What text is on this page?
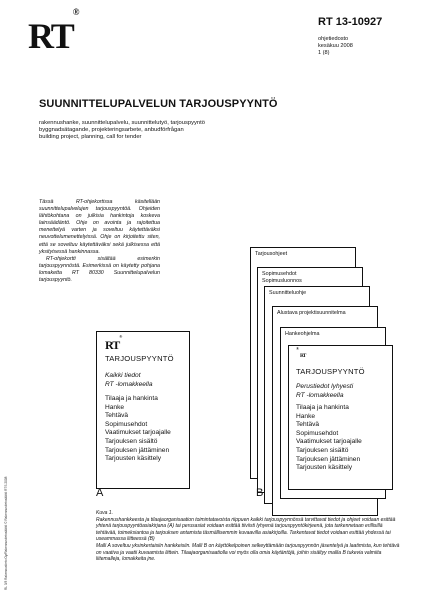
RT®
RT 13-10927
ohjetiedosto
kesäkuu 2008
1 (8)
SUUNNITTELUPALVELUN TARJOUSPYYNTÖ
rakennushanke, suunnittelupalvelu, suunnittelutyö, tarjouspyyntö
byggnadsätagande, projekteringsarbete, anbudförfrågan
building project, planning, call for tender

Tässä RT-ohjekortissa käsitellään suunnittelupalvelujen tarjouspyyntöä. Ohjeiden lähtökohtana on julkisia hankintoja koskeva lainsäädäntö. Ohje on avointa ja rajoitettua menettelyä varten ja soveltuu käytettäväksi neuvottelumenettelyissä. Ohje on kirjoitettu siten, että se soveltuu käytettäväksi sekä julkisessa että yksityisessä hankinnassa.

RT-ohjekortti sisältää esimerkin tarjouspyynnöstä. Esimerkissä on käytetty pohjana lomaketta RT 80330 Suunnittelupalvelun tarjouspyyntö.

RT®
TARJOUSPYYNTÖ
Kaikki tiedot
RT -lomakkeella
Tilaaja ja hankinta
Hanke
Tehtävä
Sopimusehdot
Vaatimukset tarjoajalle
Tarjouksen sisältö
Tarjouksen jättäminen
Tarjousten käsittely
A
Tarjousohjeet
Sopimusehdot
Sopimusluonnos
Suunnitteluohje
Alustava projektisuunnitelma
Hankeohjelma
RT
®
TARJOUSPYYNTÖ
Perustiedot lyhyesti
RT -lomakkeella
Tilaaja ja hankinta
Hanke
Tehtävä
Sopimusehdot
Vaatimukset tarjoajalle
Tarjouksen sisältö
Tarjouksen jättäminen
Tarjousten käsittely
B

Kuva 1.

Rakennushankkeesta ja tilaajaorganisaation toimintatavoista riippuen kaikki tarjouspyynnössä tarvittavat tiedot ja ohjeet voidaan esittää yhtenä tarjouspyyntöasiakirjana (A) tai perusasiat voidaan esittää tiiviisti lyhyenä tarjouspyyntökirjeenä, jota tarkennetaan erillisillä tehtävää, toimeksiantoa ja tarjouksen antamista täsmällisemmin kuvaavilla asiakirjoilla. Tarkentavat tiedot voidaan esittää yhdessä tai useammassa liitteessä (B)

Malli A soveltuu yksinkertaisiin hankkeisiin. Malli B on käyttökelpoinen selkeyttämään tarjouspyynnön jäsentelyä ja laatimista, kun tehtävä on vaativa ja vaatii kuvaamista liittein. Tilaajaorganisaatiolla voi myös olla omia käytäntöjä, joihin sisältyy mallia B tukevia valmiita liitemalleja, lomakkeita jne.

RL 3/3 Rakennustieto Oy/Rakennustietosäätiö © Rakennustietosäätiö RTS 2008
